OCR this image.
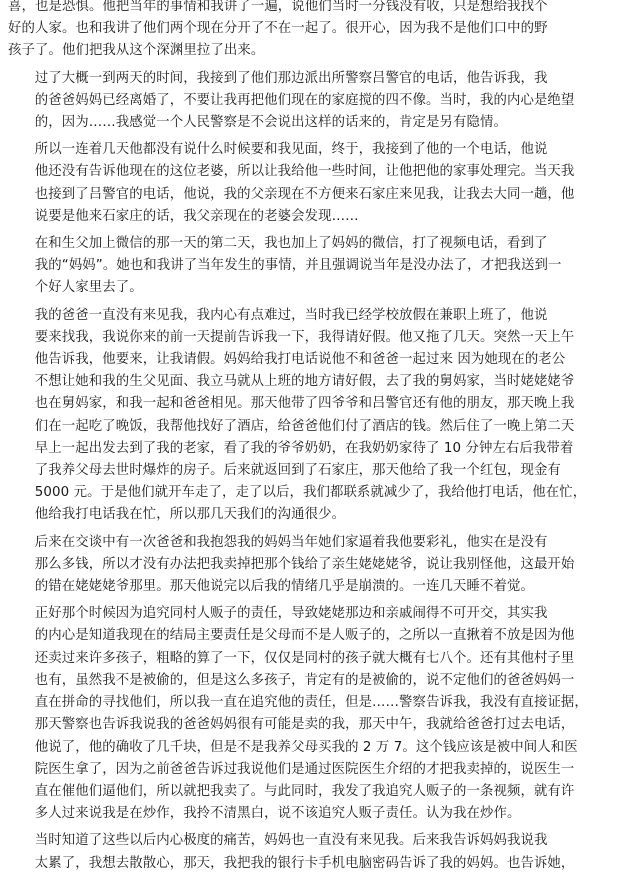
喜，也是恐惧。他把当年的事情和我讲了一遍，说他们当时一分钱没有收，只是想给我找个
好的人家。也和我讲了他们两个现在分开了不在一起了。很开心，因为我不是他们口中的野
孩子了。他们把我从这个深渊里拉了出来。
过了大概一到两天的时间，我接到了他们那边派出所警察吕警官的电话，他告诉我，我
的爸爸妈妈已经离婚了，不要让我再把他们现在的家庭搅的四不像。当时，我的内心是绝望
的，因为……我感觉一个人民警察是不会说出这样的话来的，肯定是另有隐情。
所以一连着几天他都没有说什么时候要和我见面，终于，我接到了他的一个电话，他说
他还没有告诉他现在的这位老婆，所以让我给他一些时间，让他把他的家事处理完。当天我
也接到了吕警官的电话，他说，我的父亲现在不方便来石家庄来见我，让我去大同一趟，他
说要是他来石家庄的话，我父亲现在的老婆会发现……
在和生父加上微信的那一天的第二天，我也加上了妈妈的微信，打了视频电话，看到了
我的“妈妈”。她也和我讲了当年发生的事情，并且强调说当年是没办法了，才把我送到一
个好人家里去了。
我的爸爸一直没有来见我，我内心有点难过，当时我已经学校放假在兼职上班了，他说
要来找我，我说你来的前一天提前告诉我一下，我得请好假。他又拖了几天。突然一天上午
他告诉我，他要来，让我请假。妈妈给我打电话说他不和爸爸一起过来 因为她现在的老公
不想让她和我的生父见面、我立马就从上班的地方请好假，去了我的舅妈家，当时姥姥姥爷
也在舅妈家，和我一起和爸爸相见。那天他带了四爷爷和吕警官还有他的朋友，那天晚上我
们在一起吃了晚饭，我帮他找好了酒店，给爸爸他们付了酒店的钱。然后住了一晚上第二天
早上一起出发去到了我的老家，看了我的爷爷奶奶，在我奶奶家待了 10 分钟左右后我带着
了我养父母去世时爆炸的房子。后来就返回到了石家庄，那天他给了我一个红包，现金有
5000 元。于是他们就开车走了，走了以后，我们都联系就减少了，我给他打电话，他在忙，
他给我打电话我在忙，所以那几天我们的沟通很少。
后来在交谈中有一次爸爸和我抱怨我的妈妈当年她们家逼着我他要彩礼，他实在是没有
那么多钱，所以才没有办法把我卖掉把那个钱给了亲生姥姥姥爷，说让我别怪他，这最开始
的错在姥姥姥爷那里。那天他说完以后我的情绪几乎是崩溃的。一连几天睡不着觉。
正好那个时候因为追究同村人贩子的责任，导致姥姥那边和亲戚闹得不可开交，其实我
的内心是知道我现在的结局主要责任是父母而不是人贩子的，之所以一直揪着不放是因为他
还卖过来许多孩子，粗略的算了一下，仅仅是同村的孩子就大概有七八个。还有其他村子里
也有，虽然我不是被偷的，但是这么多孩子，肯定有的是被偷的，说不定他们的爸爸妈妈一
直在拼命的寻找他们，所以我一直在追究他的责任，但是……警察告诉我，我没有直接证据，
那天警察也告诉我说我的爸爸妈妈很有可能是卖的我，那天中午，我就给爸爸打过去电话，
他说了，他的确收了几千块，但是不是我养父母买我的 2 万 7。这个钱应该是被中间人和医
院医生拿了，因为之前爸爸告诉过我说他们是通过医院医生介绍的才把我卖掉的，说医生一
直在催他们逼他们，所以就把我卖了。与此同时，我发了我追究人贩子的一条视频，就有许
多人过来说我是在炒作，我拎不清黑白，说不该追究人贩子责任。认为我在炒作。
当时知道了这些以后内心极度的痛苦，妈妈也一直没有来见我。后来我告诉妈妈我说我
太累了，我想去散散心，那天，我把我的银行卡手机电脑密码告诉了我的妈妈。也告诉她，
